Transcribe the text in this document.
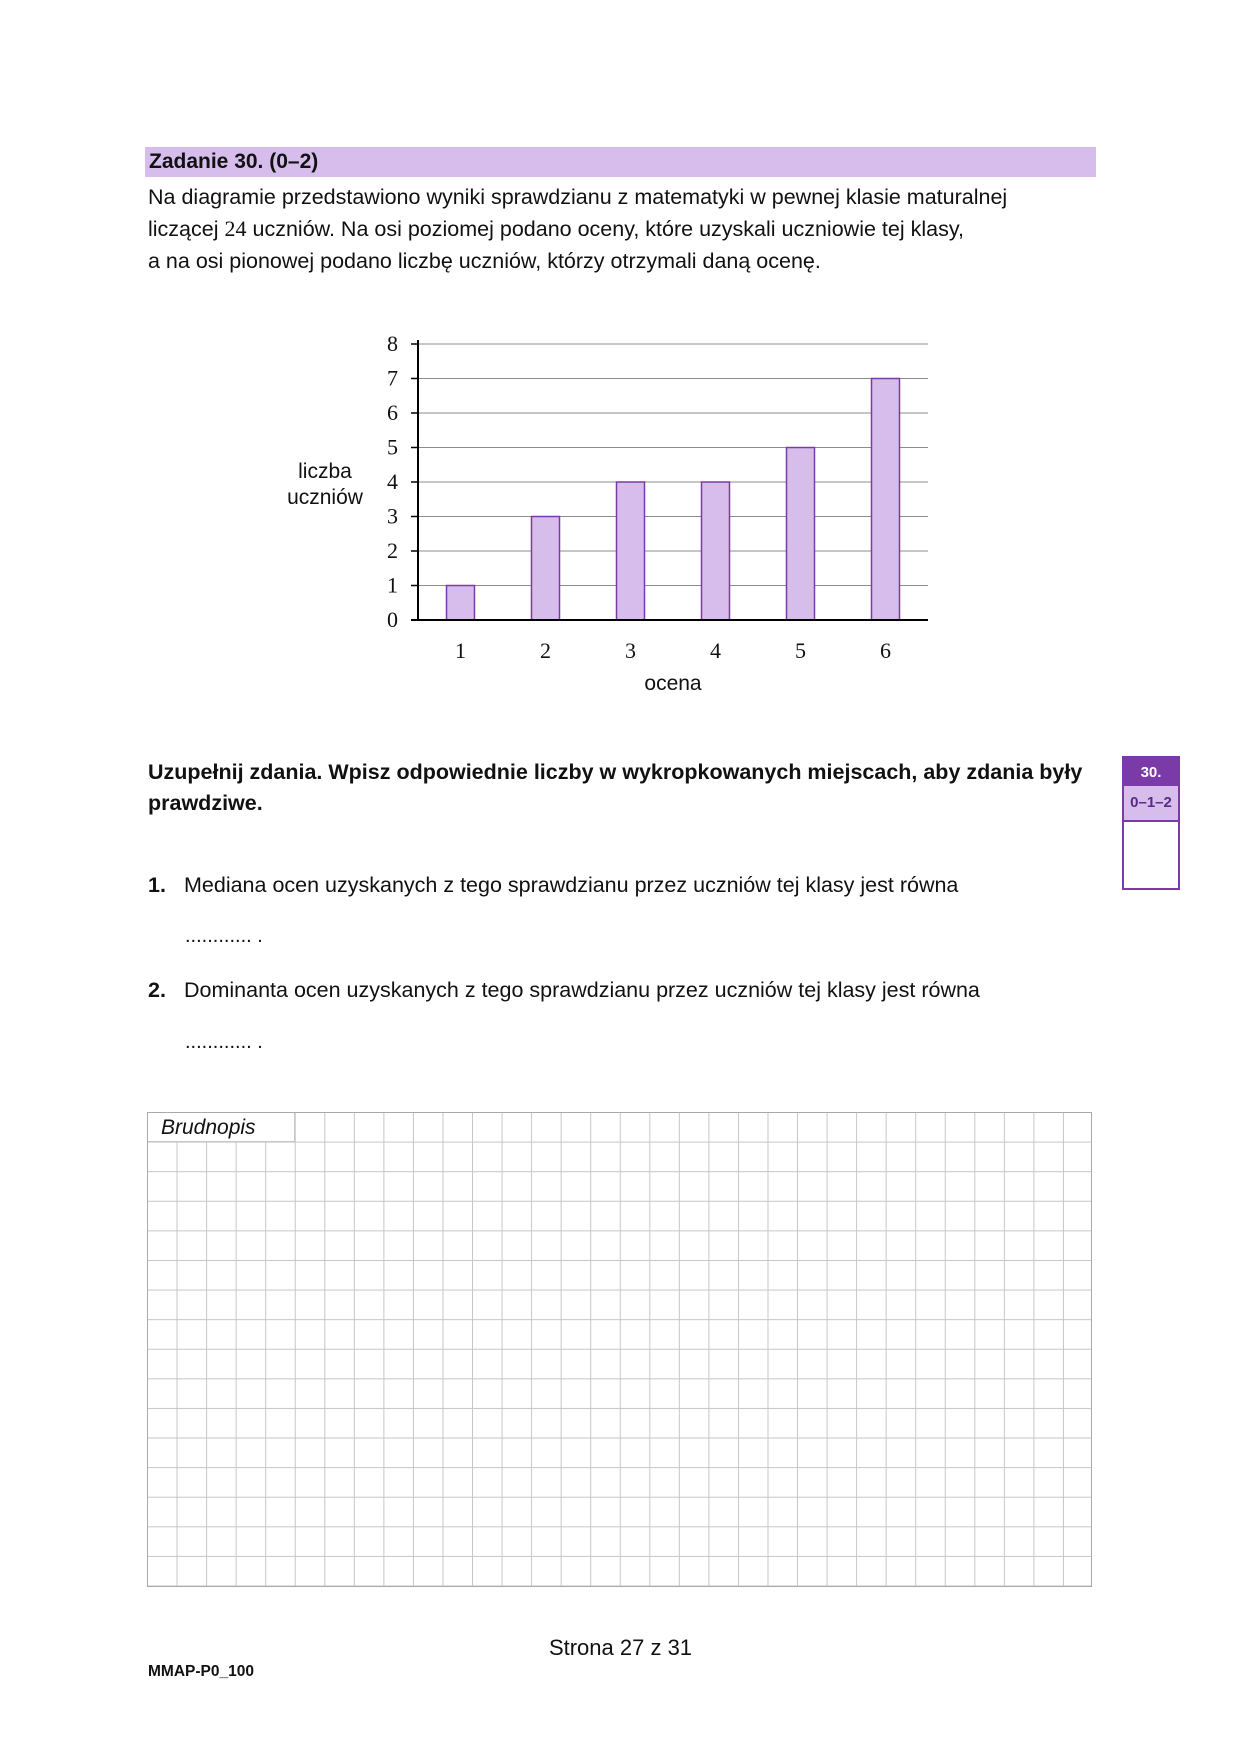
Zadanie 30. (0–2)
Na diagramie przedstawiono wyniki sprawdzianu z matematyki w pewnej klasie maturalnej
liczącej 24 uczniów. Na osi poziomej podano oceny, które uzyskali uczniowie tej klasy,
a na osi pionowej podano liczbę uczniów, którzy otrzymali daną ocenę.
0
1
2
3
4
5
6
7
8
1	2	3	4	5	6
ocena
liczba
uczniów
Uzupełnij zdania. Wpisz odpowiednie liczby w wykropkowanych miejscach, aby zdania były prawdziwe.
30.
0–1–2
1. Mediana ocen uzyskanych z tego sprawdzianu przez uczniów tej klasy jest równa
............ .
2. Dominanta ocen uzyskanych z tego sprawdzianu przez uczniów tej klasy jest równa
............ .
Brudnopis
Strona 27 z 31
MMAP-P0_100
